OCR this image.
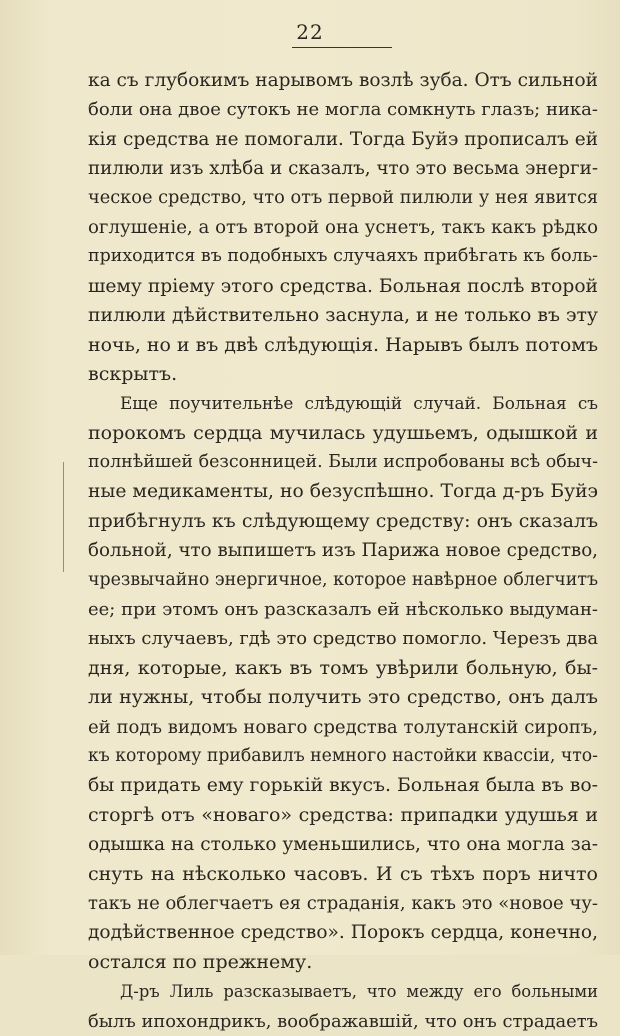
22
ка съ глубокимъ нарывомъ возлѣ зуба. Отъ сильной
боли она двое сутокъ не могла сомкнуть глазъ; ника-
кія средства не помогали. Тогда Буйэ прописалъ ей
пилюли изъ хлѣба и сказалъ, что это весьма энерги-
ческое средство, что отъ первой пилюли у нея явится
оглушеніе, а отъ второй она уснетъ, такъ какъ рѣдко
приходится въ подобныхъ случаяхъ прибѣгать къ боль-
шему пріему этого средства. Больная послѣ второй
пилюли дѣйствительно заснула, и не только въ эту
ночь, но и въ двѣ слѣдующія. Нарывъ былъ потомъ
вскрытъ.
Еще поучительнѣе слѣдующій случай. Больная съ
порокомъ сердца мучилась удушьемъ, одышкой и
полнѣйшей безсонницей. Были испробованы всѣ обыч-
ные медикаменты, но безуспѣшно. Тогда д-ръ Буйэ
прибѣгнулъ къ слѣдующему средству: онъ сказалъ
больной, что выпишетъ изъ Парижа новое средство,
чрезвычайно энергичное, которое навѣрное облегчитъ
ее; при этомъ онъ разсказалъ ей нѣсколько выдуман-
ныхъ случаевъ, гдѣ это средство помогло. Черезъ два
дня, которые, какъ въ томъ увѣрили больную, бы-
ли нужны, чтобы получить это средство, онъ далъ
ей подъ видомъ новаго средства толутанскій сиропъ,
къ которому прибавилъ немного настойки квассіи, что-
бы придать ему горькій вкусъ. Больная была въ во-
сторгѣ отъ «новаго» средства: припадки удушья и
одышка на столько уменьшились, что она могла за-
снуть на нѣсколько часовъ. И съ тѣхъ поръ ничто
такъ не облегчаетъ ея страданія, какъ это «новое чу-
додѣйственное средство». Порокъ сердца, конечно,
остался по прежнему.
Д-ръ Лиль разсказываетъ, что между его больными
былъ ипохондрикъ, воображавшій, что онъ страдаетъ
